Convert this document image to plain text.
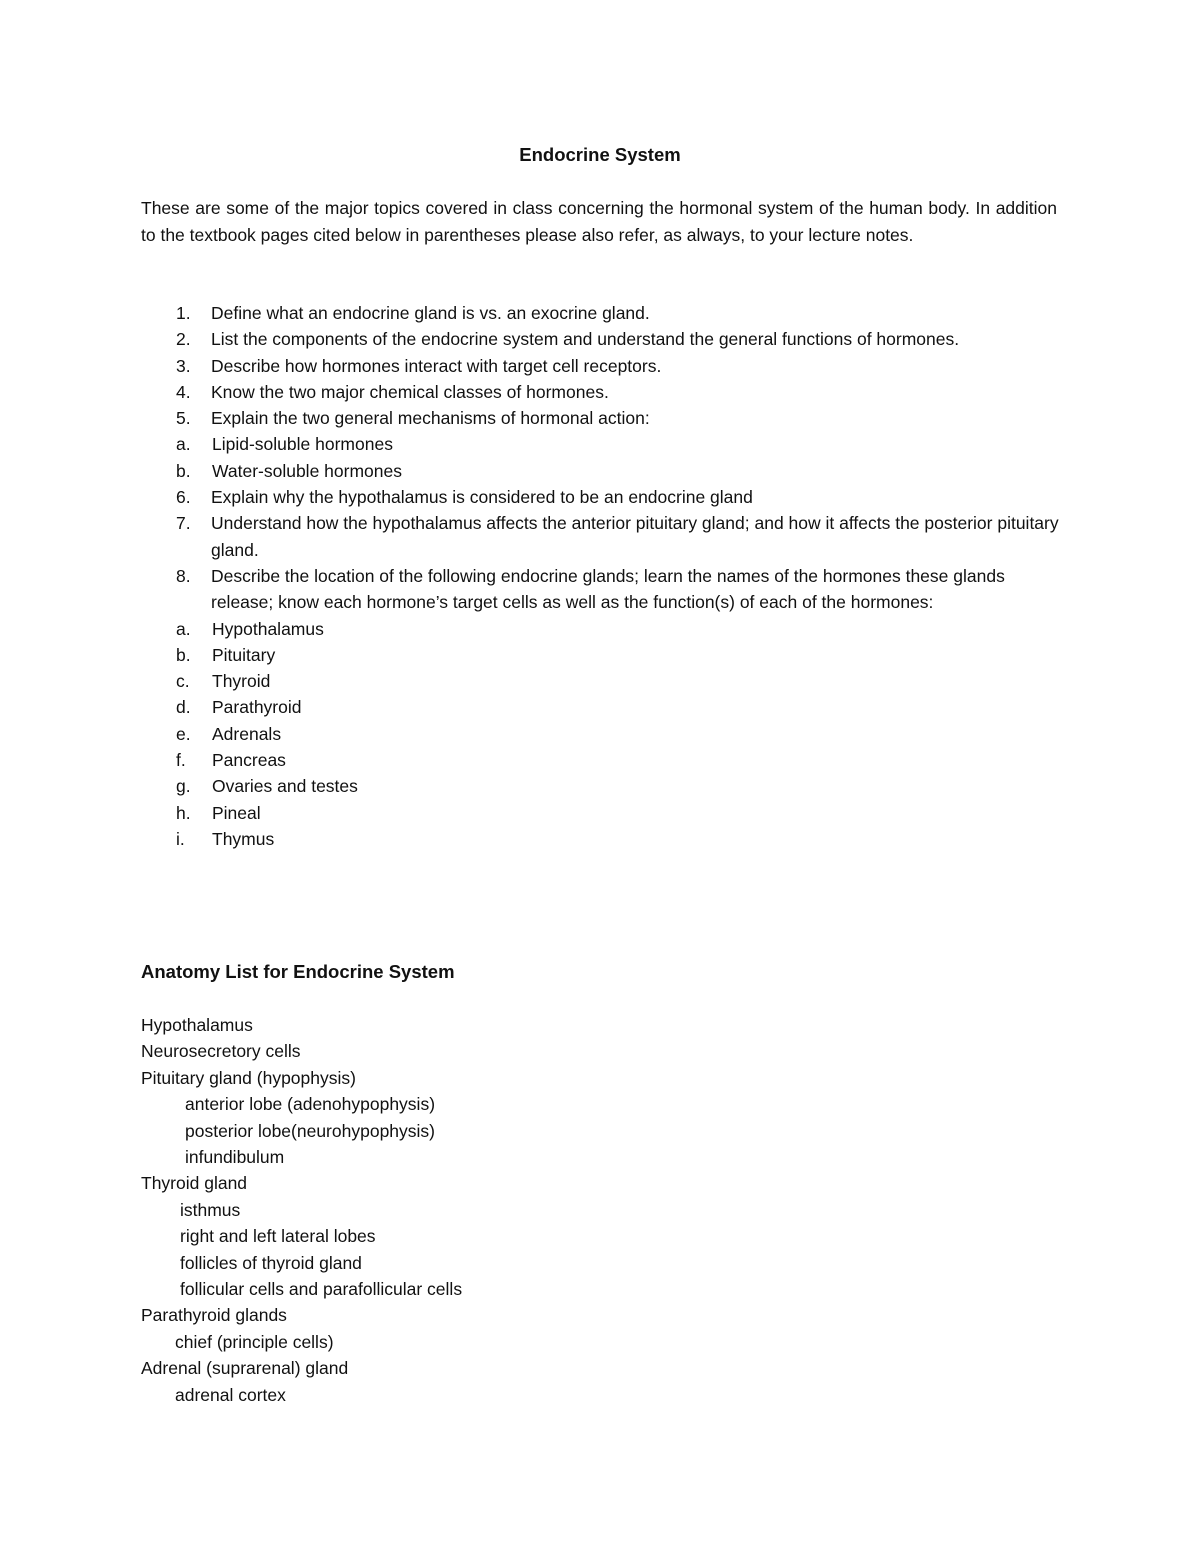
Endocrine System

These are some of the major topics covered in class concerning the hormonal system of the human body. In addition to the textbook pages cited below in parentheses please also refer, as always, to your lecture notes.

1. Define what an endocrine gland is vs. an exocrine gland.
2. List the components of the endocrine system and understand the general functions of hormones.
3. Describe how hormones interact with target cell receptors.
4. Know the two major chemical classes of hormones.
5. Explain the two general mechanisms of hormonal action:
a. Lipid-soluble hormones
b. Water-soluble hormones
6. Explain why the hypothalamus is considered to be an endocrine gland
7. Understand how the hypothalamus affects the anterior pituitary gland; and how it affects the posterior pituitary gland.
8. Describe the location of the following endocrine glands; learn the names of the hormones these glands release; know each hormone’s target cells as well as the function(s) of each of the hormones:
a. Hypothalamus
b. Pituitary
c. Thyroid
d. Parathyroid
e. Adrenals
f. Pancreas
g. Ovaries and testes
h. Pineal
i. Thymus
Anatomy List for Endocrine System
Hypothalamus
Neurosecretory cells
Pituitary gland (hypophysis)
anterior lobe (adenohypophysis)
posterior lobe(neurohypophysis)
infundibulum
Thyroid gland
isthmus
right and left lateral lobes
follicles of thyroid gland
follicular cells and parafollicular cells
Parathyroid glands
chief (principle cells)
Adrenal (suprarenal) gland
adrenal cortex
